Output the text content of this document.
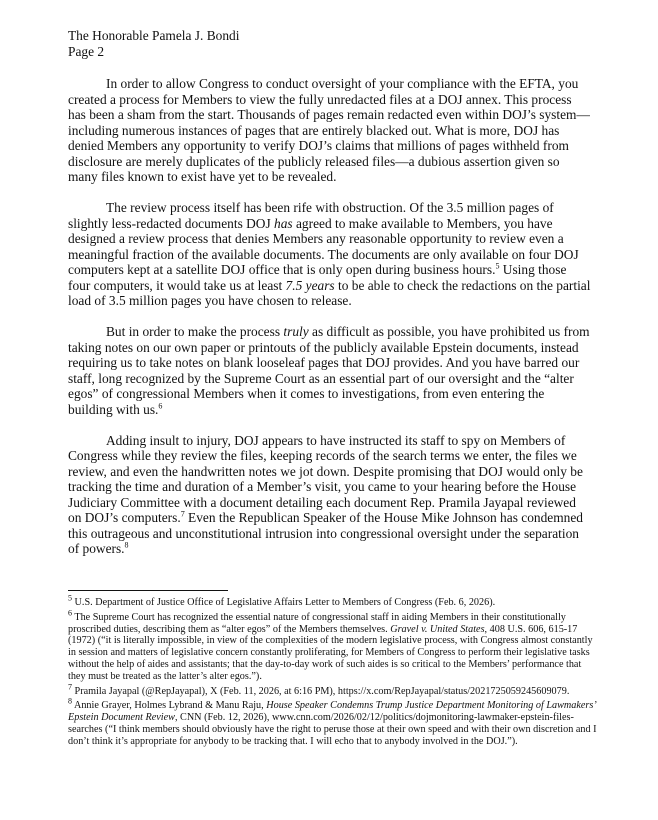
The Honorable Pamela J. Bondi
Page 2

In order to allow Congress to conduct oversight of your compliance with the EFTA, you created a process for Members to view the fully unredacted files at a DOJ annex. This process has been a sham from the start. Thousands of pages remain redacted even within DOJ’s system—including numerous instances of pages that are entirely blacked out. What is more, DOJ has denied Members any opportunity to verify DOJ’s claims that millions of pages withheld from disclosure are merely duplicates of the publicly released files—a dubious assertion given so many files known to exist have yet to be revealed.

The review process itself has been rife with obstruction. Of the 3.5 million pages of slightly less-redacted documents DOJ has agreed to make available to Members, you have designed a review process that denies Members any reasonable opportunity to review even a meaningful fraction of the available documents. The documents are only available on four DOJ computers kept at a satellite DOJ office that is only open during business hours.$^5$ Using those four computers, it would take us at least 7.5 years to be able to check the redactions on the partial load of 3.5 million pages you have chosen to release.

But in order to make the process truly as difficult as possible, you have prohibited us from taking notes on our own paper or printouts of the publicly available Epstein documents, instead requiring us to take notes on blank looseleaf pages that DOJ provides. And you have barred our staff, long recognized by the Supreme Court as an essential part of our oversight and the “alter egos” of congressional Members when it comes to investigations, from even entering the building with us.$^6$

Adding insult to injury, DOJ appears to have instructed its staff to spy on Members of Congress while they review the files, keeping records of the search terms we enter, the files we review, and even the handwritten notes we jot down. Despite promising that DOJ would only be tracking the time and duration of a Member’s visit, you came to your hearing before the House Judiciary Committee with a document detailing each document Rep. Pramila Jayapal reviewed on DOJ’s computers.$^7$ Even the Republican Speaker of the House Mike Johnson has condemned this outrageous and unconstitutional intrusion into congressional oversight under the separation of powers.$^8$

$^5$ U.S. Department of Justice Office of Legislative Affairs Letter to Members of Congress (Feb. 6, 2026).
$^6$ The Supreme Court has recognized the essential nature of congressional staff in aiding Members in their constitutionally proscribed duties, describing them as “alter egos” of the Members themselves. Gravel v. United States, 408 U.S. 606, 615-17 (1972) (“it is literally impossible, in view of the complexities of the modern legislative process, with Congress almost constantly in session and matters of legislative concern constantly proliferating, for Members of Congress to perform their legislative tasks without the help of aides and assistants; that the day-to-day work of such aides is so critical to the Members’ performance that they must be treated as the latter’s alter egos.”).
$^7$ Pramila Jayapal (@RepJayapal), X (Feb. 11, 2026, at 6:16 PM), https://x.com/RepJayapal/status/2021725059245609079.
$^8$ Annie Grayer, Holmes Lybrand & Manu Raju, House Speaker Condemns Trump Justice Department Monitoring of Lawmakers’ Epstein Document Review, CNN (Feb. 12, 2026), www.cnn.com/2026/02/12/politics/dojmonitoring-lawmaker-epstein-files-searches (“I think members should obviously have the right to peruse those at their own speed and with their own discretion and I don’t think it’s appropriate for anybody to be tracking that. I will echo that to anybody involved in the DOJ.”).
